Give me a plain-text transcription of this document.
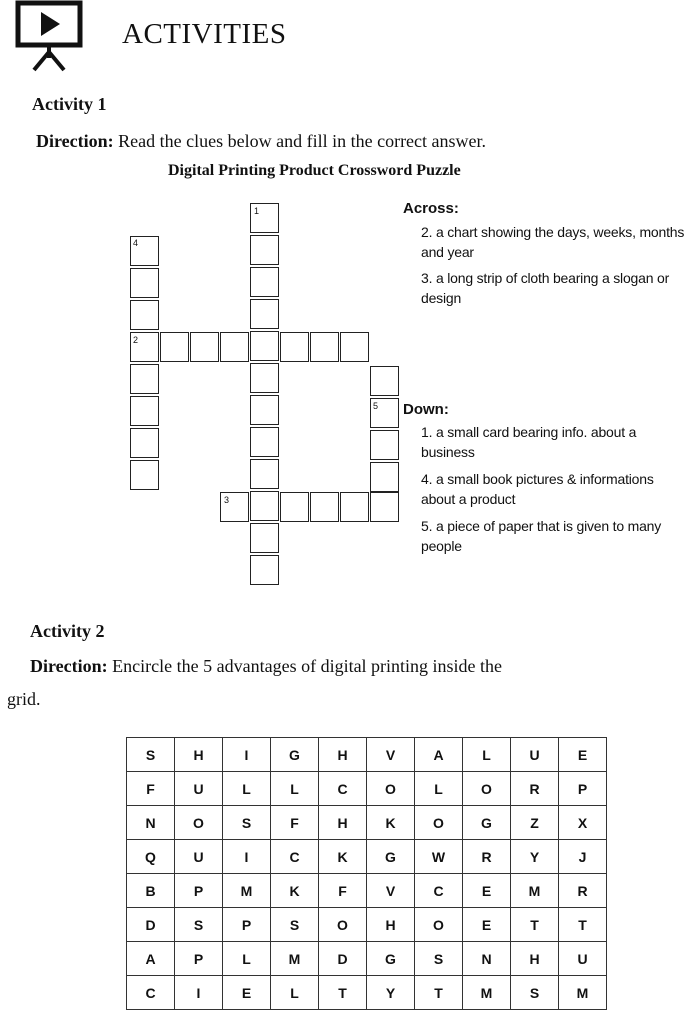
ACTIVITIES
Activity 1
Direction: Read the clues below and fill in the correct answer.
Digital Printing Product Crossword Puzzle
1
4
2
5
3
Across:
2. a chart showing the days, weeks, months and year
3. a long strip of cloth bearing a slogan or design
Down:
1. a small card bearing info. about a business
4. a small book pictures & informations about a product
5. a piece of paper that is given to many people
Activity 2
Direction: Encircle the 5 advantages of digital printing inside the
grid.
S	H	I	G	H	V	A	L	U	E
F	U	L	L	C	O	L	O	R	P
N	O	S	F	H	K	O	G	Z	X
Q	U	I	C	K	G	W	R	Y	J
B	P	M	K	F	V	C	E	M	R
D	S	P	S	O	H	O	E	T	T
A	P	L	M	D	G	S	N	H	U
C	I	E	L	T	Y	T	M	S	M
